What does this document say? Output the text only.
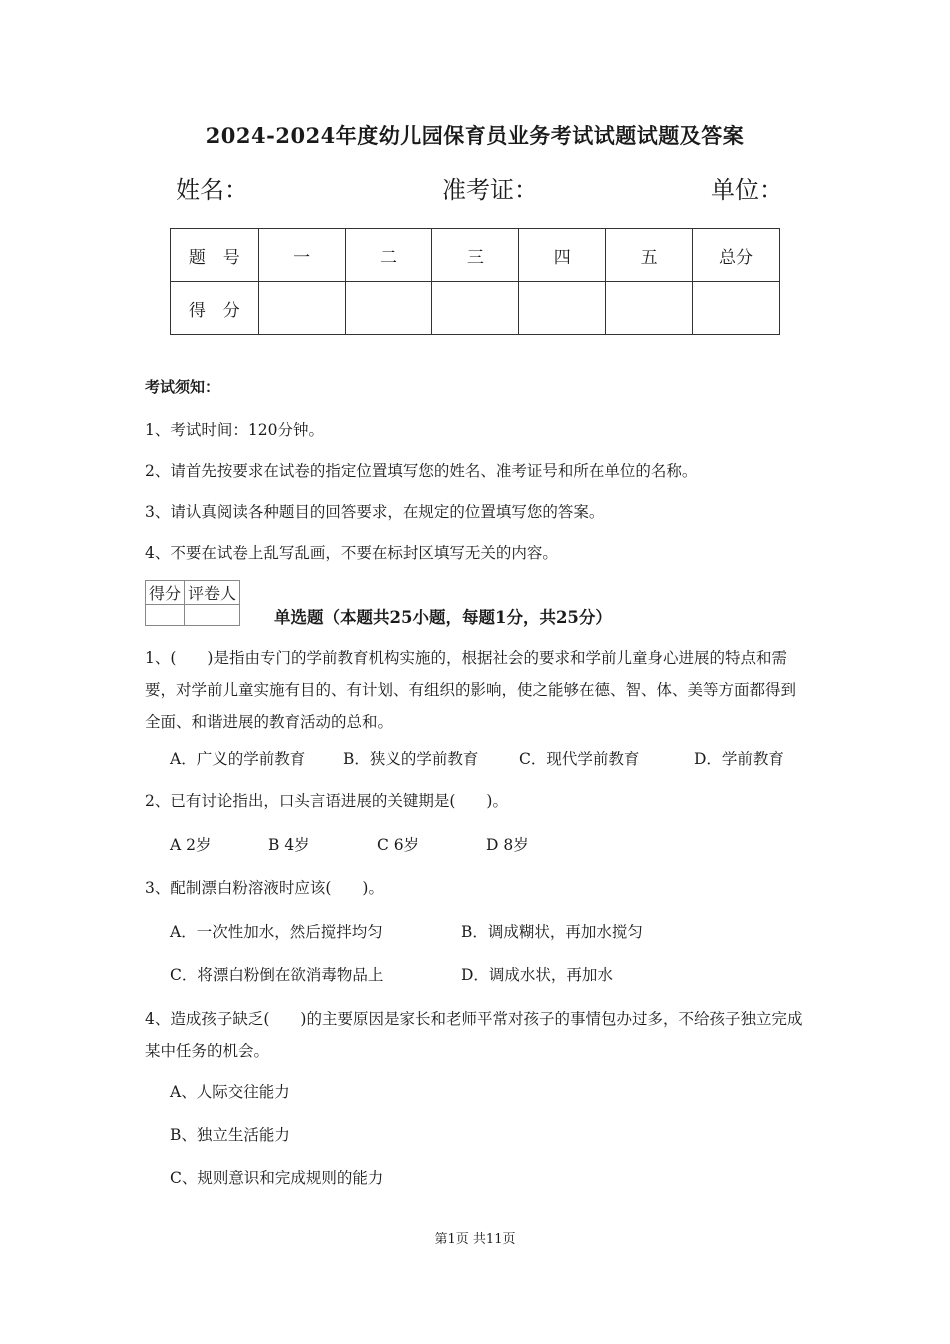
2024-2024年度幼儿园保育员业务考试试题试题及答案
姓名：	准考证：	单位：
题　号	一	二	三	四	五	总分
得　分						
考试须知：
1、考试时间：120分钟。
2、请首先按要求在试卷的指定位置填写您的姓名、准考证号和所在单位的名称。
3、请认真阅读各种题目的回答要求，在规定的位置填写您的答案。
4、不要在试卷上乱写乱画，不要在标封区填写无关的内容。
得分	评卷人

单选题（本题共25小题，每题1分，共25分）
1、(　　)是指由专门的学前教育机构实施的，根据社会的要求和学前儿童身心进展的特点和需要，对学前儿童实施有目的、有计划、有组织的影响，使之能够在德、智、体、美等方面都得到全面、和谐进展的教育活动的总和。
A．广义的学前教育 B．狭义的学前教育	C．现代学前教育	D．学前教育
2、已有讨论指出，口头言语进展的关键期是(　　)。
A 2岁	B 4岁	C 6岁	D 8岁
3、配制漂白粉溶液时应该(　　)。
A．一次性加水，然后搅拌均匀	B．调成糊状，再加水搅匀
C．将漂白粉倒在欲消毒物品上	D．调成水状，再加水
4、造成孩子缺乏(　　)的主要原因是家长和老师平常对孩子的事情包办过多，不给孩子独立完成某中任务的机会。
A、人际交往能力
B、独立生活能力
C、规则意识和完成规则的能力
第1页 共11页
